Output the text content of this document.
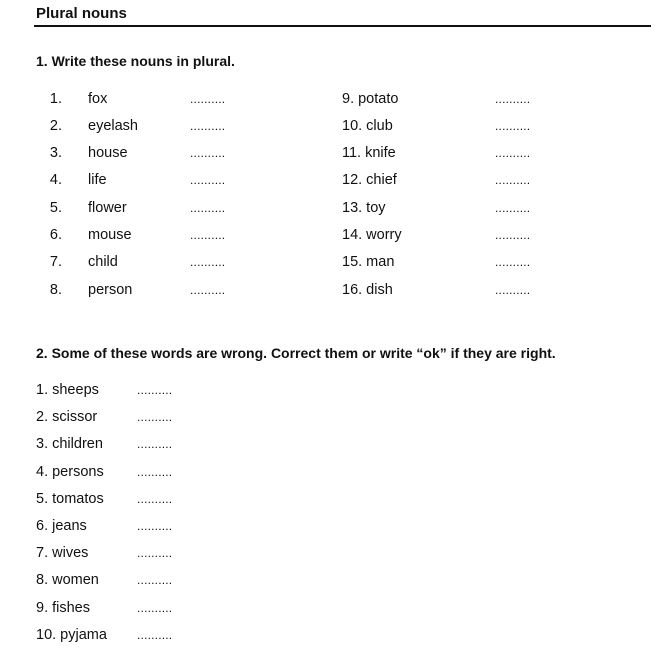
Plural nouns
1. Write these nouns in plural.
1. fox	..........
2. eyelash	..........
3. house	..........
4. life	..........
5. flower	..........
6. mouse	..........
7. child	..........
8. person	..........
9. potato	..........
10. club	..........
11. knife	..........
12. chief	..........
13. toy	..........
14. worry	..........
15. man	..........
16. dish	..........
2. Some of these words are wrong. Correct them or write “ok” if they are right.
1. sheeps	..........
2. scissor	..........
3. children	..........
4. persons	..........
5. tomatos	..........
6. jeans	..........
7. wives	..........
8. women	..........
9. fishes	..........
10. pyjama	..........
